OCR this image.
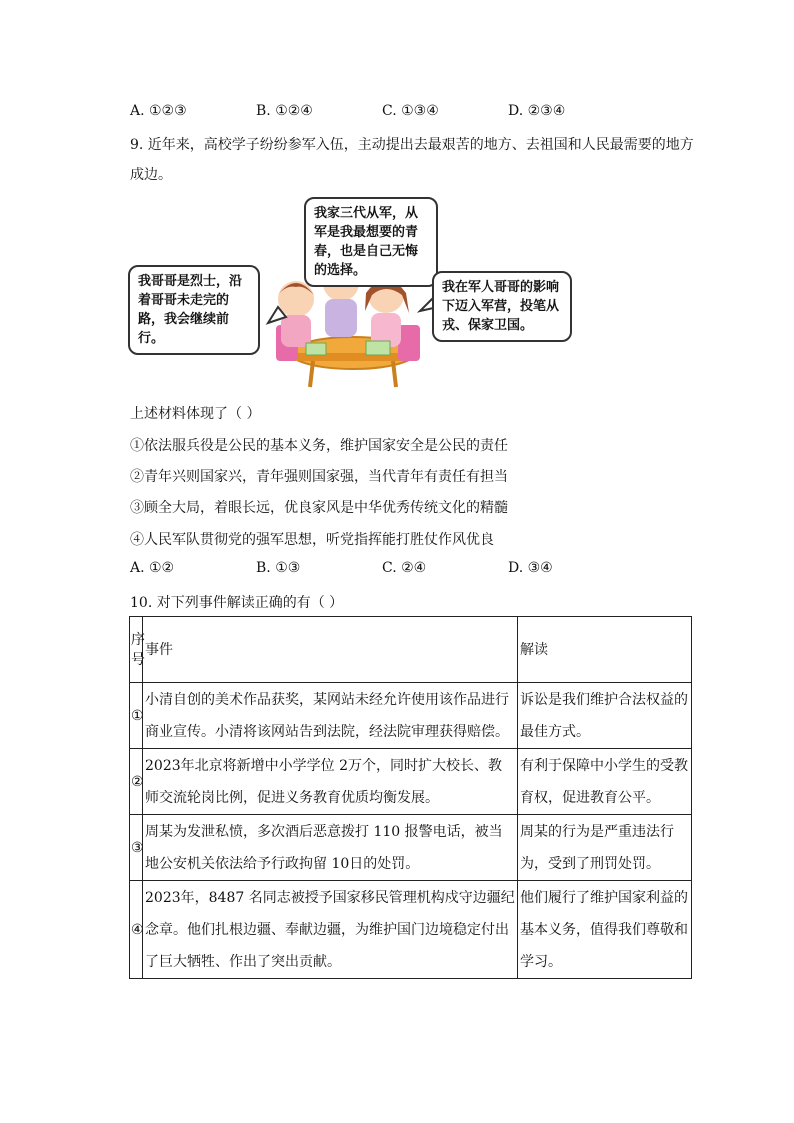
A. ①②③	B. ①②④	C. ①③④	D. ②③④
9. 近年来，高校学子纷纷参军入伍，主动提出去最艰苦的地方、去祖国和人民最需要的地方
成边。
我哥哥是烈士，沿着哥哥未走完的路，我会继续前行。
我家三代从军，从军是我最想要的青春，也是自己无悔的选择。
我在军人哥哥的影响下迈入军营，投笔从戎、保家卫国。
上述材料体现了（ ）
①依法服兵役是公民的基本义务，维护国家安全是公民的责任
②青年兴则国家兴，青年强则国家强，当代青年有责任有担当
③顾全大局，着眼长远，优良家风是中华优秀传统文化的精髓
④人民军队贯彻党的强军思想，听党指挥能打胜仗作风优良
A. ①②	B. ①③	C. ②④	D. ③④
10. 对下列事件解读正确的有（ ）
序号	事件	解读
①	小清自创的美术作品获奖，某网站未经允许使用该作品进行商业宣传。小清将该网站告到法院，经法院审理获得赔偿。	诉讼是我们维护合法权益的最佳方式。
②	2023年北京将新增中小学学位 2万个，同时扩大校长、教师交流轮岗比例，促进义务教育优质均衡发展。	有利于保障中小学生的受教育权，促进教育公平。
③	周某为发泄私愤，多次酒后恶意拨打 110 报警电话，被当地公安机关依法给予行政拘留 10日的处罚。	周某的行为是严重违法行为，受到了刑罚处罚。
④	2023年，8487 名同志被授予国家移民管理机构戍守边疆纪念章。他们扎根边疆、奉献边疆，为维护国门边境稳定付出了巨大牺牲、作出了突出贡献。	他们履行了维护国家利益的基本义务，值得我们尊敬和学习。
